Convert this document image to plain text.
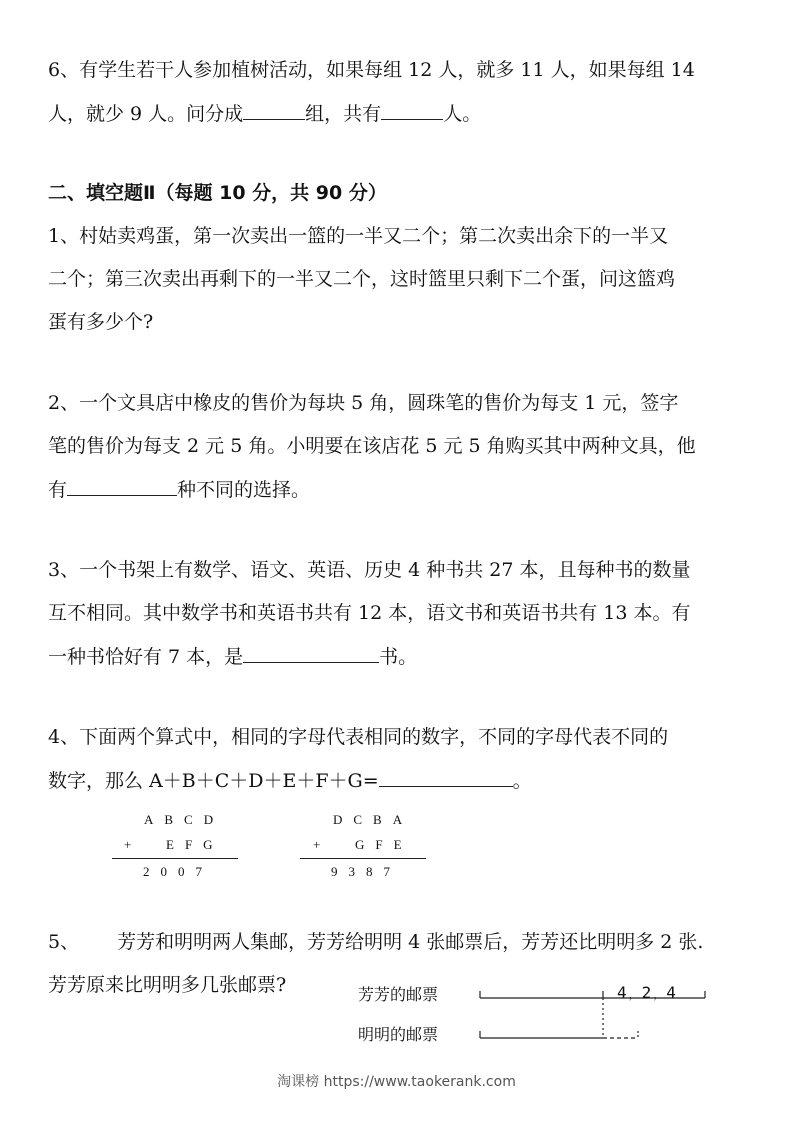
6、有学生若干人参加植树活动，如果每组 12 人，就多 11 人，如果每组 14
人，就少 9 人。问分成	组，共有	人。
二、填空题Ⅱ（每题 10 分，共 90 分）
1、村姑卖鸡蛋，第一次卖出一篮的一半又二个；第二次卖出余下的一半又
二个；第三次卖出再剩下的一半又二个，这时篮里只剩下二个蛋，问这篮鸡
蛋有多少个?
2、一个文具店中橡皮的售价为每块 5 角，圆珠笔的售价为每支 1 元，签字
笔的售价为每支 2 元 5 角。小明要在该店花 5 元 5 角购买其中两种文具，他
有	种不同的选择。
3、一个书架上有数学、语文、英语、历史 4 种书共 27 本，且每种书的数量
互不相同。其中数学书和英语书共有 12 本，语文书和英语书共有 13 本。有
一种书恰好有 7 本，是	书。
4、下面两个算式中，相同的字母代表相同的数字，不同的字母代表不同的
数字，那么 A＋B＋C＋D＋E＋F＋G=	。
ABCD
+ EFG
2007
DCBA
+ GFE
9387
5、 芳芳和明明两人集邮，芳芳给明明 4 张邮票后，芳芳还比明明多 2 张.
芳芳原来比明明多几张邮票?	芳芳的邮票
明明的邮票
4，2，4
淘课榜 https://www.taokerank.com
